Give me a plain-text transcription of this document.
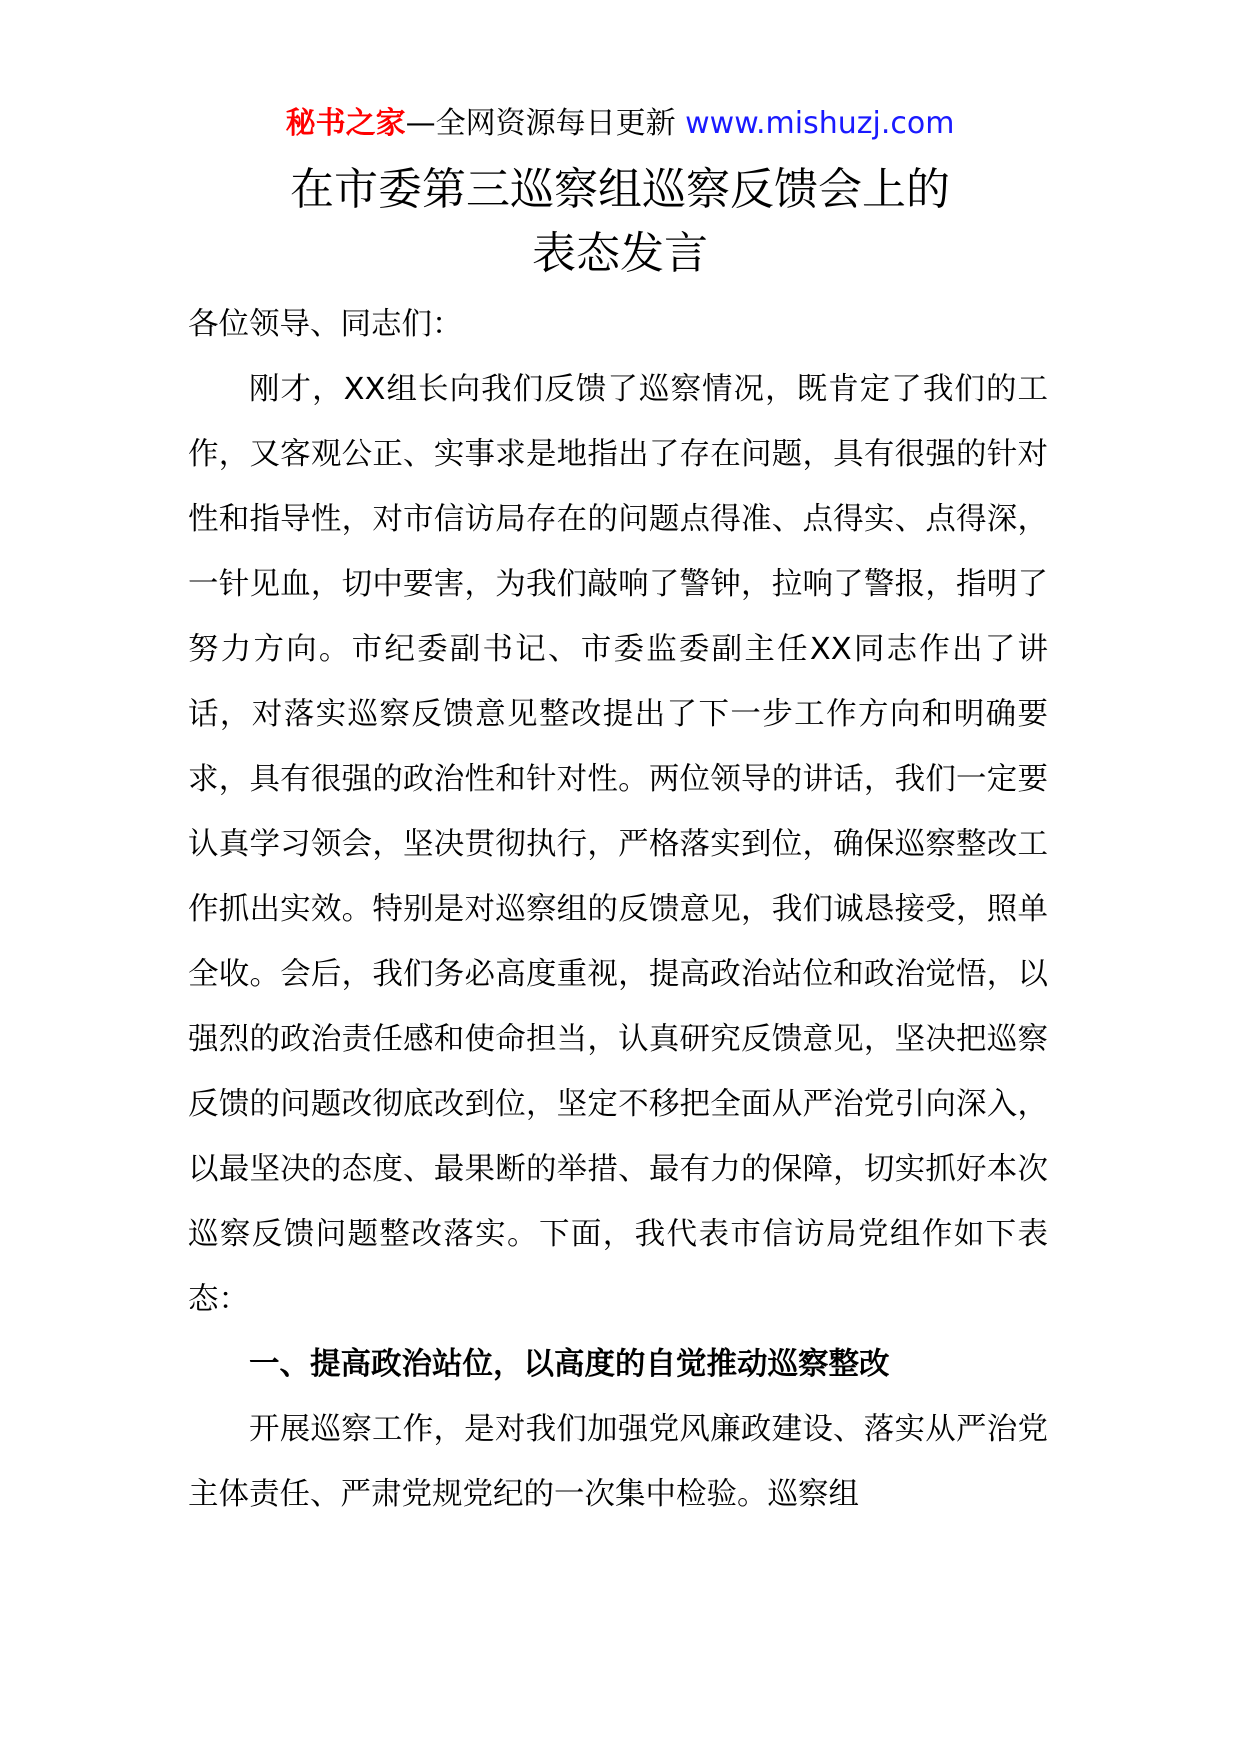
秘书之家—全网资源每日更新 www.mishuzj.com
在市委第三巡察组巡察反馈会上的
表态发言

各位领导、同志们：

刚才，XX组长向我们反馈了巡察情况，既肯定了我们的工作，又客观公正、实事求是地指出了存在问题，具有很强的针对性和指导性，对市信访局存在的问题点得准、点得实、点得深，一针见血，切中要害，为我们敲响了警钟，拉响了警报，指明了努力方向。市纪委副书记、市委监委副主任XX同志作出了讲话，对落实巡察反馈意见整改提出了下一步工作方向和明确要求，具有很强的政治性和针对性。两位领导的讲话，我们一定要认真学习领会，坚决贯彻执行，严格落实到位，确保巡察整改工作抓出实效。特别是对巡察组的反馈意见，我们诚恳接受，照单全收。会后，我们务必高度重视，提高政治站位和政治觉悟，以强烈的政治责任感和使命担当，认真研究反馈意见，坚决把巡察反馈的问题改彻底改到位，坚定不移把全面从严治党引向深入，以最坚决的态度、最果断的举措、最有力的保障，切实抓好本次巡察反馈问题整改落实。下面，我代表市信访局党组作如下表态：

一、提高政治站位，以高度的自觉推动巡察整改

开展巡察工作，是对我们加强党风廉政建设、落实从严治党主体责任、严肃党规党纪的一次集中检验。巡察组
